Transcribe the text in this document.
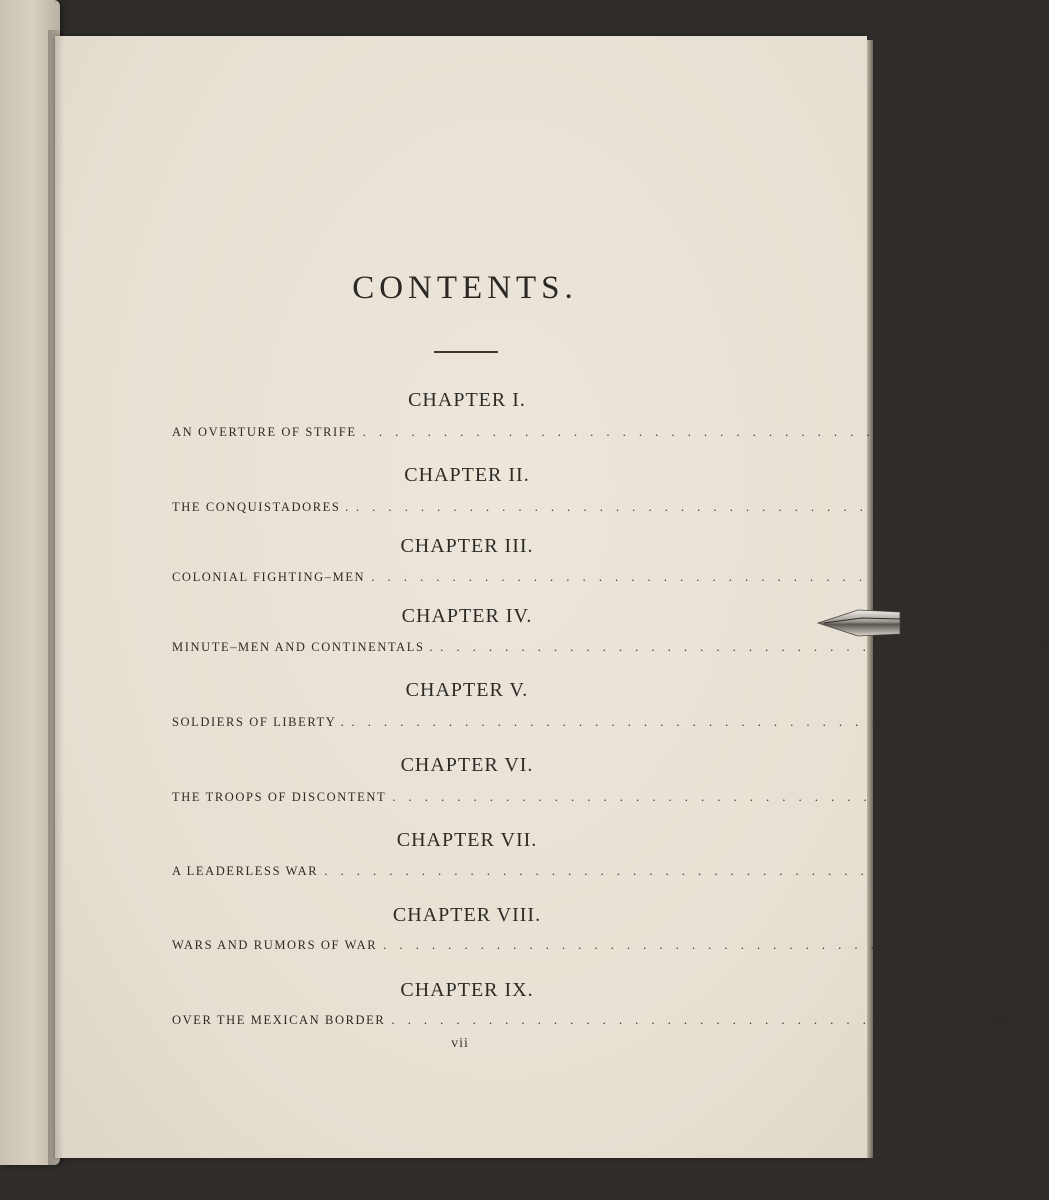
CONTENTS.
CHAPTER I.
AN OVERTURE OF STRIFE .................................... 11
CHAPTER II.
THE CONQUISTADORES . .................................... 32
CHAPTER III.
COLONIAL FIGHTING–MEN .................................... 56
CHAPTER IV.
MINUTE–MEN AND CONTINENTALS . .................................... 78
CHAPTER V.
SOLDIERS OF LIBERTY . .................................... 98
CHAPTER VI.
THE TROOPS OF DISCONTENT .................................... 121
CHAPTER VII.
A LEADERLESS WAR .................................... 143
CHAPTER VIII.
WARS AND RUMORS OF WAR .................................... 166
CHAPTER IX.
OVER THE MEXICAN BORDER .................................... 190
vii
